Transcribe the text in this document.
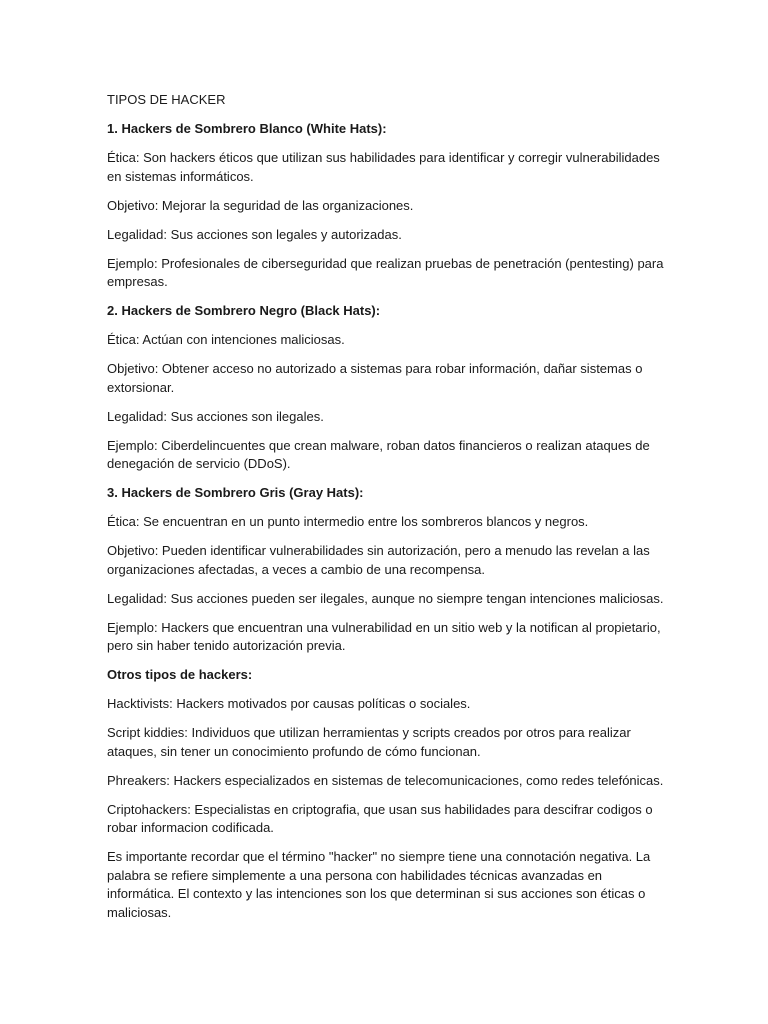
TIPOS DE HACKER

1. Hackers de Sombrero Blanco (White Hats):

Ética: Son hackers éticos que utilizan sus habilidades para identificar y corregir vulnerabilidades en sistemas informáticos.

Objetivo: Mejorar la seguridad de las organizaciones.

Legalidad: Sus acciones son legales y autorizadas.

Ejemplo: Profesionales de ciberseguridad que realizan pruebas de penetración (pentesting) para empresas.

2. Hackers de Sombrero Negro (Black Hats):

Ética: Actúan con intenciones maliciosas.

Objetivo: Obtener acceso no autorizado a sistemas para robar información, dañar sistemas o extorsionar.

Legalidad: Sus acciones son ilegales.

Ejemplo: Ciberdelincuentes que crean malware, roban datos financieros o realizan ataques de denegación de servicio (DDoS).

3. Hackers de Sombrero Gris (Gray Hats):

Ética: Se encuentran en un punto intermedio entre los sombreros blancos y negros.

Objetivo: Pueden identificar vulnerabilidades sin autorización, pero a menudo las revelan a las organizaciones afectadas, a veces a cambio de una recompensa.

Legalidad: Sus acciones pueden ser ilegales, aunque no siempre tengan intenciones maliciosas.

Ejemplo: Hackers que encuentran una vulnerabilidad en un sitio web y la notifican al propietario, pero sin haber tenido autorización previa.

Otros tipos de hackers:

Hacktivists: Hackers motivados por causas políticas o sociales.

Script kiddies: Individuos que utilizan herramientas y scripts creados por otros para realizar ataques, sin tener un conocimiento profundo de cómo funcionan.

Phreakers: Hackers especializados en sistemas de telecomunicaciones, como redes telefónicas.

Criptohackers: Especialistas en criptografia, que usan sus habilidades para descifrar codigos o robar informacion codificada.

Es importante recordar que el término "hacker" no siempre tiene una connotación negativa. La palabra se refiere simplemente a una persona con habilidades técnicas avanzadas en informática. El contexto y las intenciones son los que determinan si sus acciones son éticas o maliciosas.
